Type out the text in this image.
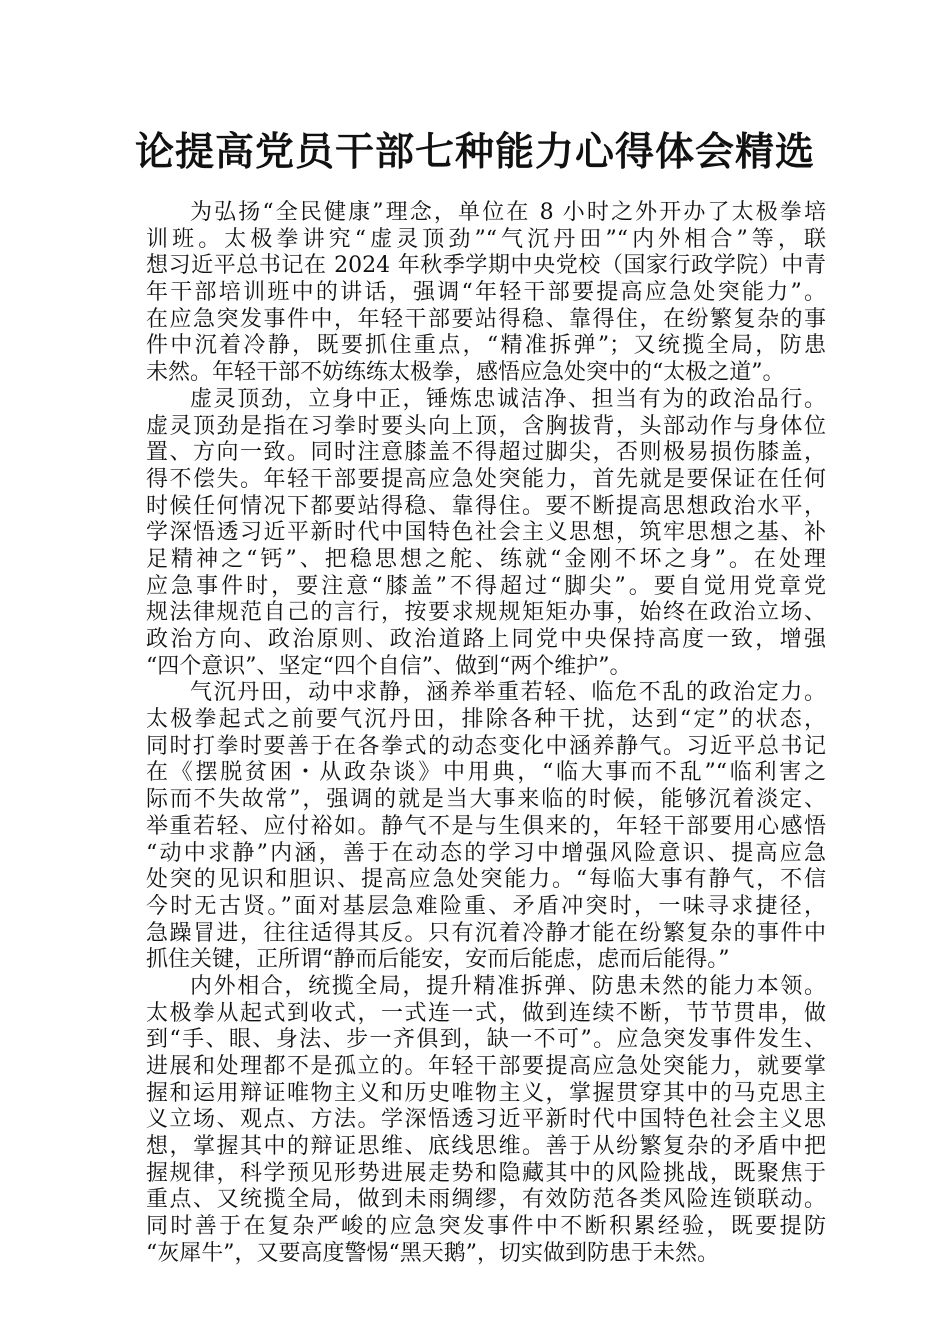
论提高党员干部七种能力心得体会精选
为弘扬“全民健康”理念，单位在 8 小时之外开办了太极拳培
训班。太极拳讲究“虚灵顶劲”“气沉丹田”“内外相合”等，联
想习近平总书记在 2024 年秋季学期中央党校（国家行政学院）中青
年干部培训班中的讲话，强调“年轻干部要提高应急处突能力”。
在应急突发事件中，年轻干部要站得稳、靠得住，在纷繁复杂的事
件中沉着冷静，既要抓住重点，“精准拆弹”；又统揽全局，防患
未然。年轻干部不妨练练太极拳，感悟应急处突中的“太极之道”。
虚灵顶劲，立身中正，锤炼忠诚洁净、担当有为的政治品行。
虚灵顶劲是指在习拳时要头向上顶，含胸拔背，头部动作与身体位
置、方向一致。同时注意膝盖不得超过脚尖，否则极易损伤膝盖，
得不偿失。年轻干部要提高应急处突能力，首先就是要保证在任何
时候任何情况下都要站得稳、靠得住。要不断提高思想政治水平，
学深悟透习近平新时代中国特色社会主义思想，筑牢思想之基、补
足精神之“钙”、把稳思想之舵、练就“金刚不坏之身”。在处理
应急事件时，要注意“膝盖”不得超过“脚尖”。要自觉用党章党
规法律规范自己的言行，按要求规规矩矩办事，始终在政治立场、
政治方向、政治原则、政治道路上同党中央保持高度一致，增强
“四个意识”、坚定“四个自信”、做到“两个维护”。
气沉丹田，动中求静，涵养举重若轻、临危不乱的政治定力。
太极拳起式之前要气沉丹田，排除各种干扰，达到“定”的状态，
同时打拳时要善于在各拳式的动态变化中涵养静气。习近平总书记
在《摆脱贫困・从政杂谈》中用典，“临大事而不乱”“临利害之
际而不失故常”，强调的就是当大事来临的时候，能够沉着淡定、
举重若轻、应付裕如。静气不是与生俱来的，年轻干部要用心感悟
“动中求静”内涵，善于在动态的学习中增强风险意识、提高应急
处突的见识和胆识、提高应急处突能力。“每临大事有静气，不信
今时无古贤。”面对基层急难险重、矛盾冲突时，一味寻求捷径，
急躁冒进，往往适得其反。只有沉着冷静才能在纷繁复杂的事件中
抓住关键，正所谓“静而后能安，安而后能虑，虑而后能得。”
内外相合，统揽全局，提升精准拆弹、防患未然的能力本领。
太极拳从起式到收式，一式连一式，做到连续不断，节节贯串，做
到“手、眼、身法、步一齐俱到，缺一不可”。应急突发事件发生、
进展和处理都不是孤立的。年轻干部要提高应急处突能力，就要掌
握和运用辩证唯物主义和历史唯物主义，掌握贯穿其中的马克思主
义立场、观点、方法。学深悟透习近平新时代中国特色社会主义思
想，掌握其中的辩证思维、底线思维。善于从纷繁复杂的矛盾中把
握规律，科学预见形势进展走势和隐藏其中的风险挑战，既聚焦于
重点、又统揽全局，做到未雨绸缪，有效防范各类风险连锁联动。
同时善于在复杂严峻的应急突发事件中不断积累经验，既要提防
“灰犀牛”，又要高度警惕“黑天鹅”，切实做到防患于未然。
